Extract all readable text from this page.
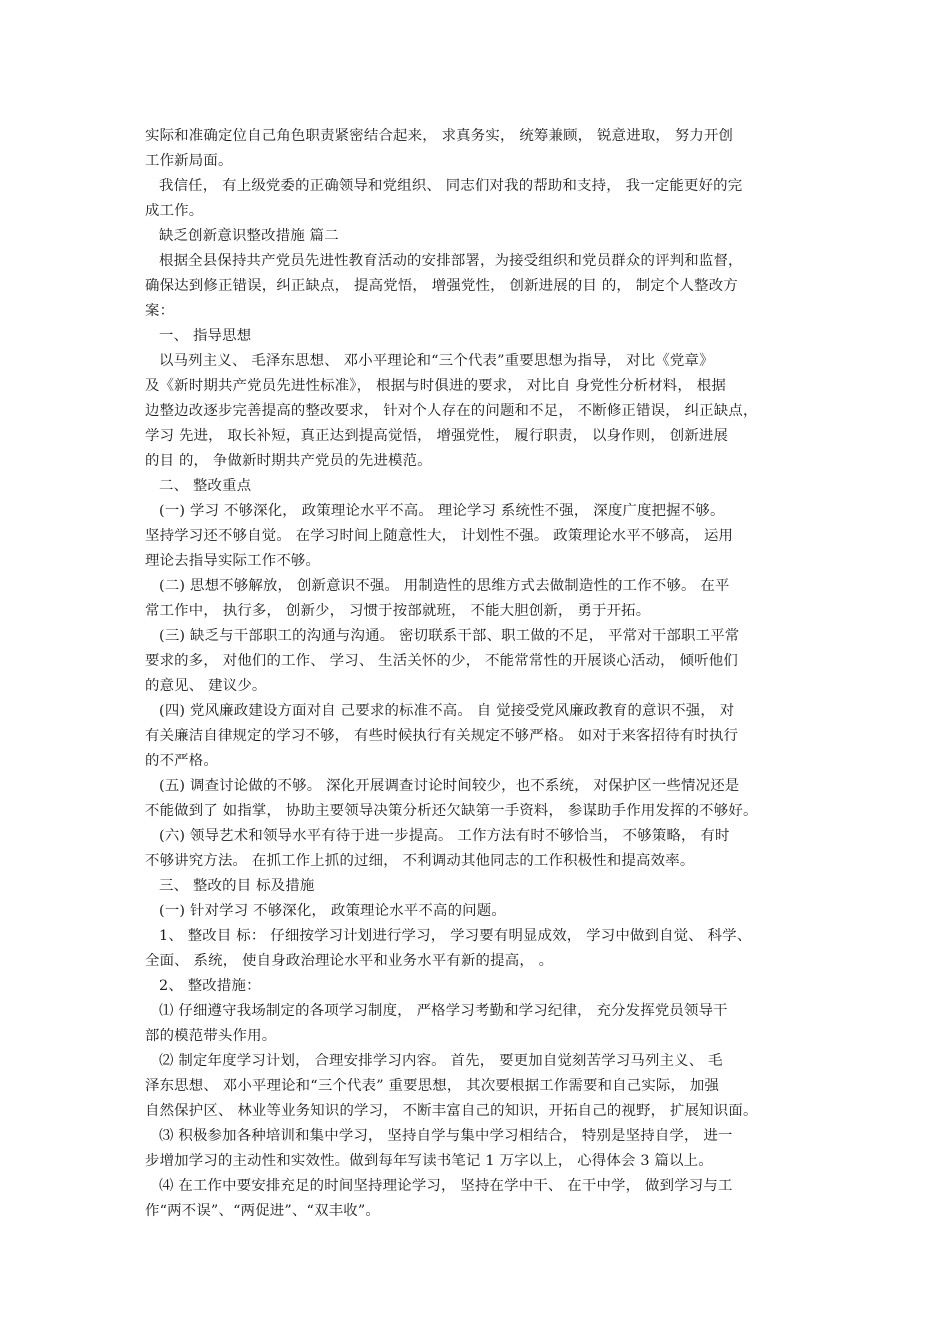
实际和准确定位自己角色职责紧密结合起来， 求真务实， 统筹兼顾， 锐意进取， 努力开创
工作新局面。
我信任， 有上级党委的正确领导和党组织、 同志们对我的帮助和支持， 我一定能更好的完
成工作。
缺乏创新意识整改措施 篇二
根据全县保持共产党员先进性教育活动的安排部署，为接受组织和党员群众的评判和监督，
确保达到修正错误，纠正缺点， 提高党悟， 增强党性， 创新进展的目 的， 制定个人整改方
案：
一、 指导思想
以马列主义、 毛泽东思想、 邓小平理论和“三个代表”重要思想为指导， 对比《党章》
及《新时期共产党员先进性标准》， 根据与时俱进的要求， 对比自 身党性分析材料， 根据
边整边改逐步完善提高的整改要求， 针对个人存在的问题和不足， 不断修正错误， 纠正缺点，
学习 先进， 取长补短，真正达到提高觉悟， 增强党性， 履行职责， 以身作则， 创新进展
的目 的， 争做新时期共产党员的先进模范。
二、 整改重点
(一) 学习 不够深化， 政策理论水平不高。 理论学习 系统性不强， 深度广度把握不够。
坚持学习还不够自觉。 在学习时间上随意性大， 计划性不强。 政策理论水平不够高， 运用
理论去指导实际工作不够。
(二) 思想不够解放， 创新意识不强。 用制造性的思维方式去做制造性的工作不够。 在平
常工作中， 执行多， 创新少， 习惯于按部就班， 不能大胆创新， 勇于开拓。
(三) 缺乏与干部职工的沟通与沟通。 密切联系干部、职工做的不足， 平常对干部职工平常
要求的多， 对他们的工作、 学习、 生活关怀的少， 不能常常性的开展谈心活动， 倾听他们
的意见、 建议少。
(四) 党风廉政建设方面对自 己要求的标准不高。 自 觉接受党风廉政教育的意识不强， 对
有关廉洁自律规定的学习不够， 有些时候执行有关规定不够严格。 如对于来客招待有时执行
的不严格。
(五) 调查讨论做的不够。 深化开展调查讨论时间较少，也不系统， 对保护区一些情况还是
不能做到了 如指掌， 协助主要领导决策分析还欠缺第一手资料， 参谋助手作用发挥的不够好。
(六) 领导艺术和领导水平有待于进一步提高。 工作方法有时不够恰当， 不够策略， 有时
不够讲究方法。 在抓工作上抓的过细， 不利调动其他同志的工作积极性和提高效率。
三、 整改的目 标及措施
(一) 针对学习 不够深化， 政策理论水平不高的问题。
1、 整改目 标： 仔细按学习计划进行学习， 学习要有明显成效， 学习中做到自觉、 科学、
全面、 系统， 使自身政治理论水平和业务水平有新的提高， 。
2、 整改措施：
⑴ 仔细遵守我场制定的各项学习制度， 严格学习考勤和学习纪律， 充分发挥党员领导干
部的模范带头作用。
⑵ 制定年度学习计划， 合理安排学习内容。 首先， 要更加自觉刻苦学习马列主义、 毛
泽东思想、 邓小平理论和“三个代表” 重要思想， 其次要根据工作需要和自己实际， 加强
自然保护区、 林业等业务知识的学习， 不断丰富自己的知识，开拓自己的视野， 扩展知识面。
⑶ 积极参加各种培训和集中学习， 坚持自学与集中学习相结合， 特别是坚持自学， 进一
步增加学习的主动性和实效性。做到每年写读书笔记 1 万字以上， 心得体会 3 篇以上。
⑷ 在工作中要安排充足的时间坚持理论学习， 坚持在学中干、 在干中学， 做到学习与工
作“两不误”、“两促进”、“双丰收”。
